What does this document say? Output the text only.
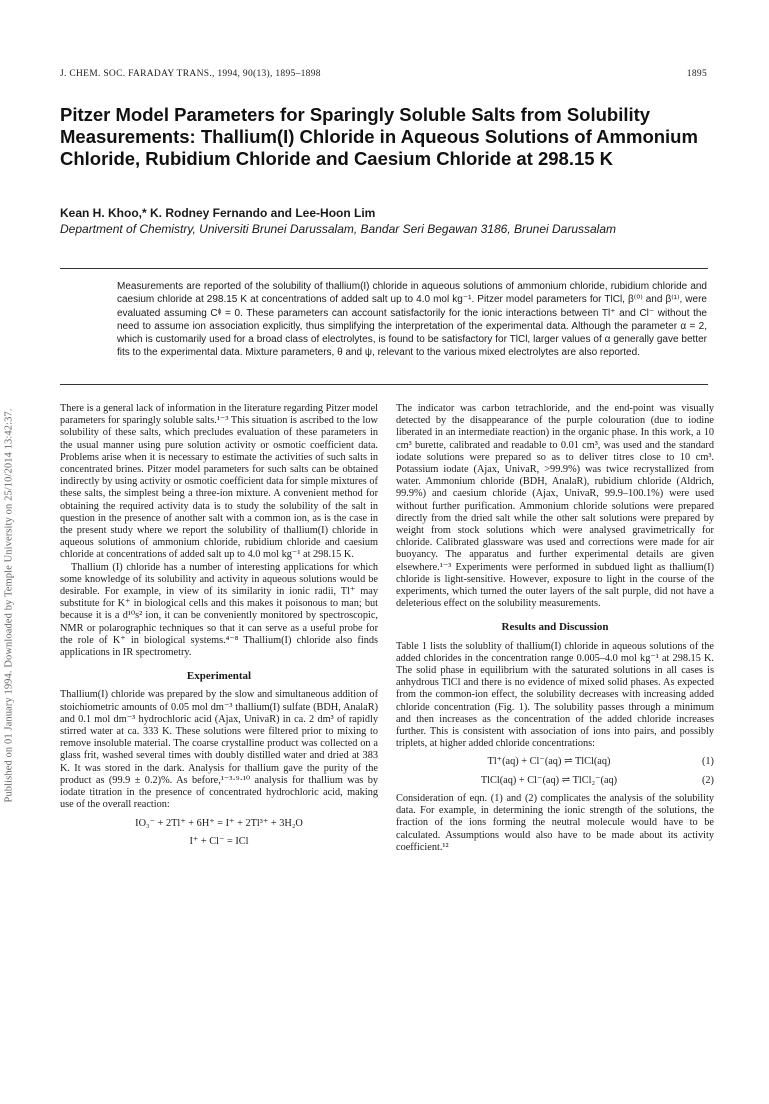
Published on 01 January 1994. Downloaded by Temple University on 25/10/2014 13:42:37.
J. CHEM. SOC. FARADAY TRANS., 1994, 90(13), 1895–1898	1895
Pitzer Model Parameters for Sparingly Soluble Salts from Solubility Measurements: Thallium(I) Chloride in Aqueous Solutions of Ammonium Chloride, Rubidium Chloride and Caesium Chloride at 298.15 K
Kean H. Khoo,* K. Rodney Fernando and Lee-Hoon Lim
Department of Chemistry, Universiti Brunei Darussalam, Bandar Seri Begawan 3186, Brunei Darussalam

Measurements are reported of the solubility of thallium(I) chloride in aqueous solutions of ammonium chloride, rubidium chloride and caesium chloride at 298.15 K at concentrations of added salt up to 4.0 mol kg⁻¹. Pitzer model parameters for TlCl, β⁽⁰⁾ and β⁽¹⁾, were evaluated assuming Cᶲ = 0. These parameters can account satisfactorily for the ionic interactions between Tl⁺ and Cl⁻ without the need to assume ion association explicitly, thus simplifying the interpretation of the experimental data. Although the parameter α = 2, which is customarily used for a broad class of electrolytes, is found to be satisfactory for TlCl, larger values of α generally gave better fits to the experimental data. Mixture parameters, θ and ψ, relevant to the various mixed electrolytes are also reported.

There is a general lack of information in the literature regarding Pitzer model parameters for sparingly soluble salts.¹⁻³ This situation is ascribed to the low solubility of these salts, which precludes evaluation of these parameters in the usual manner using pure solution activity or osmotic coefficient data. Problems arise when it is necessary to estimate the activities of such salts in concentrated brines. Pitzer model parameters for such salts can be obtained indirectly by using activity or osmotic coefficient data for simple mixtures of these salts, the simplest being a three-ion mixture. A convenient method for obtaining the required activity data is to study the solubility of the salt in question in the presence of another salt with a common ion, as is the case in the present study where we report the solubility of thallium(I) chloride in aqueous solutions of ammonium chloride, rubidium chloride and caesium chloride at concentrations of added salt up to 4.0 mol kg⁻¹ at 298.15 K.

Thallium (I) chloride has a number of interesting applications for which some knowledge of its solubility and activity in aqueous solutions would be desirable. For example, in view of its similarity in ionic radii, Tl⁺ may substitute for K⁺ in biological cells and this makes it poisonous to man; but because it is a d¹⁰s² ion, it can be conveniently monitored by spectroscopic, NMR or polarographic techniques so that it can serve as a useful probe for the role of K⁺ in biological systems.⁴⁻⁸ Thallium(I) chloride also finds applications in IR spectrometry.

Experimental

Thallium(I) chloride was prepared by the slow and simultaneous addition of stoichiometric amounts of 0.05 mol dm⁻³ thallium(I) sulfate (BDH, AnalaR) and 0.1 mol dm⁻³ hydrochloric acid (Ajax, UnivaR) in ca. 2 dm³ of rapidly stirred water at ca. 333 K. These solutions were filtered prior to mixing to remove insoluble material. The coarse crystalline product was collected on a glass frit, washed several times with doubly distilled water and dried at 383 K. It was stored in the dark. Analysis for thallium gave the purity of the product as (99.9 ± 0.2)%. As before,¹⁻³·⁹·¹⁰ analysis for thallium was by iodate titration in the presence of concentrated hydrochloric acid, making use of the overall reaction:

IO₃⁻ + 2Tl⁺ + 6H⁺ = I⁺ + 2Tl³⁺ + 3H₂O
I⁺ + Cl⁻ = ICl

The indicator was carbon tetrachloride, and the end-point was visually detected by the disappearance of the purple colouration (due to iodine liberated in an intermediate reaction) in the organic phase. In this work, a 10 cm³ burette, calibrated and readable to 0.01 cm³, was used and the standard iodate solutions were prepared so as to deliver titres close to 10 cm³. Potassium iodate (Ajax, UnivaR, >99.9%) was twice recrystallized from water. Ammonium chloride (BDH, AnalaR), rubidium chloride (Aldrich, 99.9%) and caesium chloride (Ajax, UnivaR, 99.9–100.1%) were used without further purification. Ammonium chloride solutions were prepared directly from the dried salt while the other salt solutions were prepared by weight from stock solutions which were analysed gravimetrically for chloride. Calibrated glassware was used and corrections were made for air buoyancy. The apparatus and further experimental details are given elsewhere.¹⁻³ Experiments were performed in subdued light as thallium(I) chloride is light-sensitive. However, exposure to light in the course of the experiments, which turned the outer layers of the salt purple, did not have a deleterious effect on the solubility measurements.

Results and Discussion

Table 1 lists the solublity of thallium(I) chloride in aqueous solutions of the added chlorides in the concentration range 0.005–4.0 mol kg⁻¹ at 298.15 K. The solid phase in equilibrium with the saturated solutions in all cases is anhydrous TlCl and there is no evidence of mixed solid phases. As expected from the common-ion effect, the solubility decreases with increasing added chloride concentration (Fig. 1). The solubility passes through a minimum and then increases as the concentration of the added chloride increases further. This is consistent with association of ions into pairs, and possibly triplets, at higher added chloride concentrations:

Tl⁺(aq) + Cl⁻(aq) ⇌ TlCl(aq)	(1)
TlCl(aq) + Cl⁻(aq) ⇌ TlCl₂⁻(aq)	(2)

Consideration of eqn. (1) and (2) complicates the analysis of the solubility data. For example, in determining the ionic strength of the solutions, the fraction of the ions forming the neutral molecule would have to be calculated. Assumptions would also have to be made about its activity coefficient.¹²
